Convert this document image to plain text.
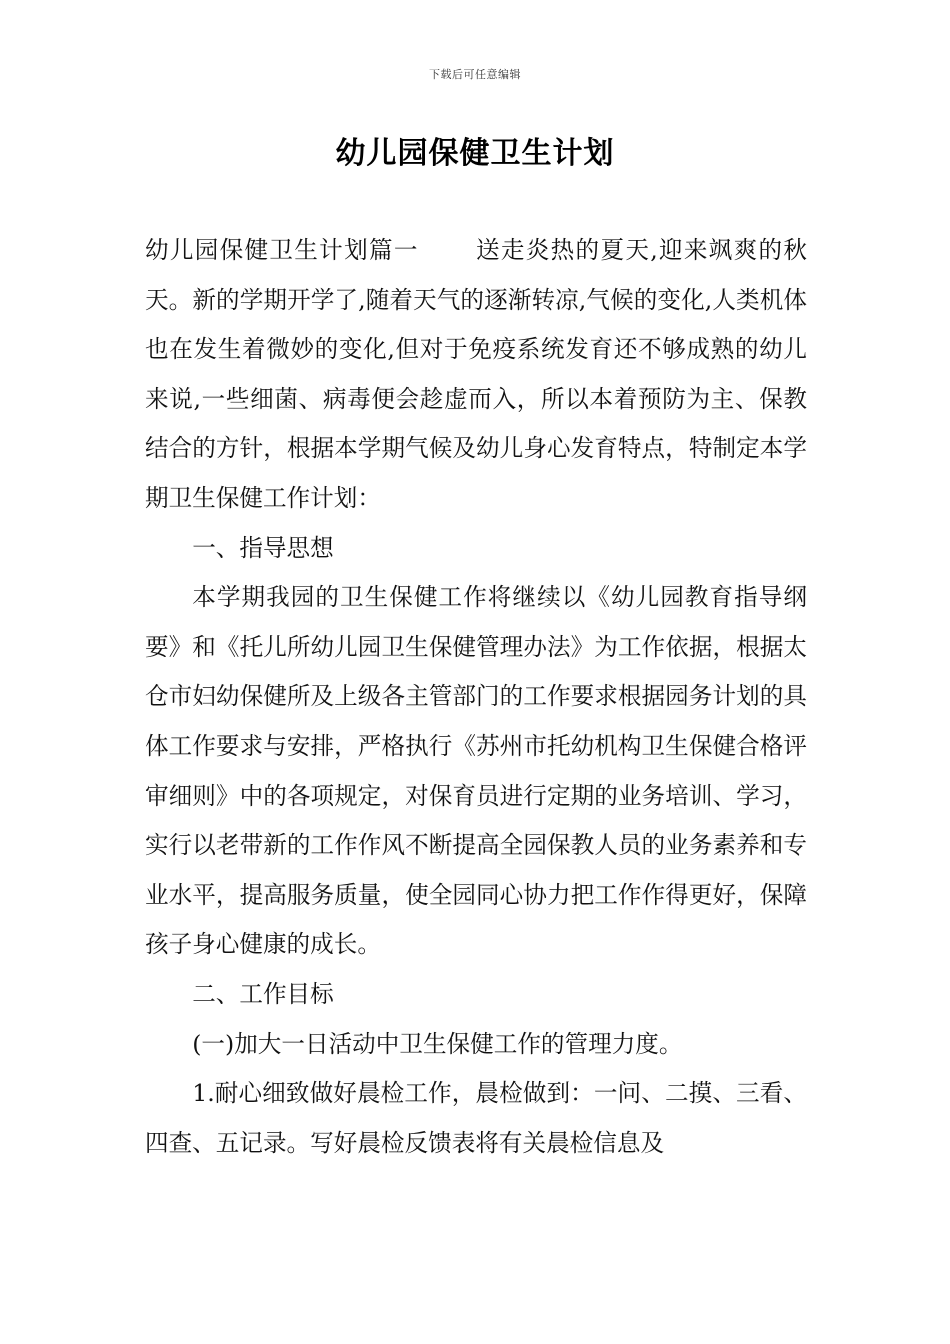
下载后可任意编辑
幼儿园保健卫生计划

幼儿园保健卫生计划篇一 送走炎热的夏天,迎来飒爽的秋天。新的学期开学了,随着天气的逐渐转凉,气候的变化,人类机体也在发生着微妙的变化,但对于免疫系统发育还不够成熟的幼儿来说,一些细菌、病毒便会趁虚而入，所以本着预防为主、保教结合的方针，根据本学期气候及幼儿身心发育特点，特制定本学期卫生保健工作计划：

一、指导思想

本学期我园的卫生保健工作将继续以《幼儿园教育指导纲要》和《托儿所幼儿园卫生保健管理办法》为工作依据，根据太仓市妇幼保健所及上级各主管部门的工作要求根据园务计划的具体工作要求与安排，严格执行《苏州市托幼机构卫生保健合格评审细则》中的各项规定，对保育员进行定期的业务培训、学习，实行以老带新的工作作风不断提高全园保教人员的业务素养和专业水平，提高服务质量，使全园同心协力把工作作得更好，保障孩子身心健康的成长。

二、工作目标

(一)加大一日活动中卫生保健工作的管理力度。

1.耐心细致做好晨检工作，晨检做到：一问、二摸、三看、四查、五记录。写好晨检反馈表将有关晨检信息及
